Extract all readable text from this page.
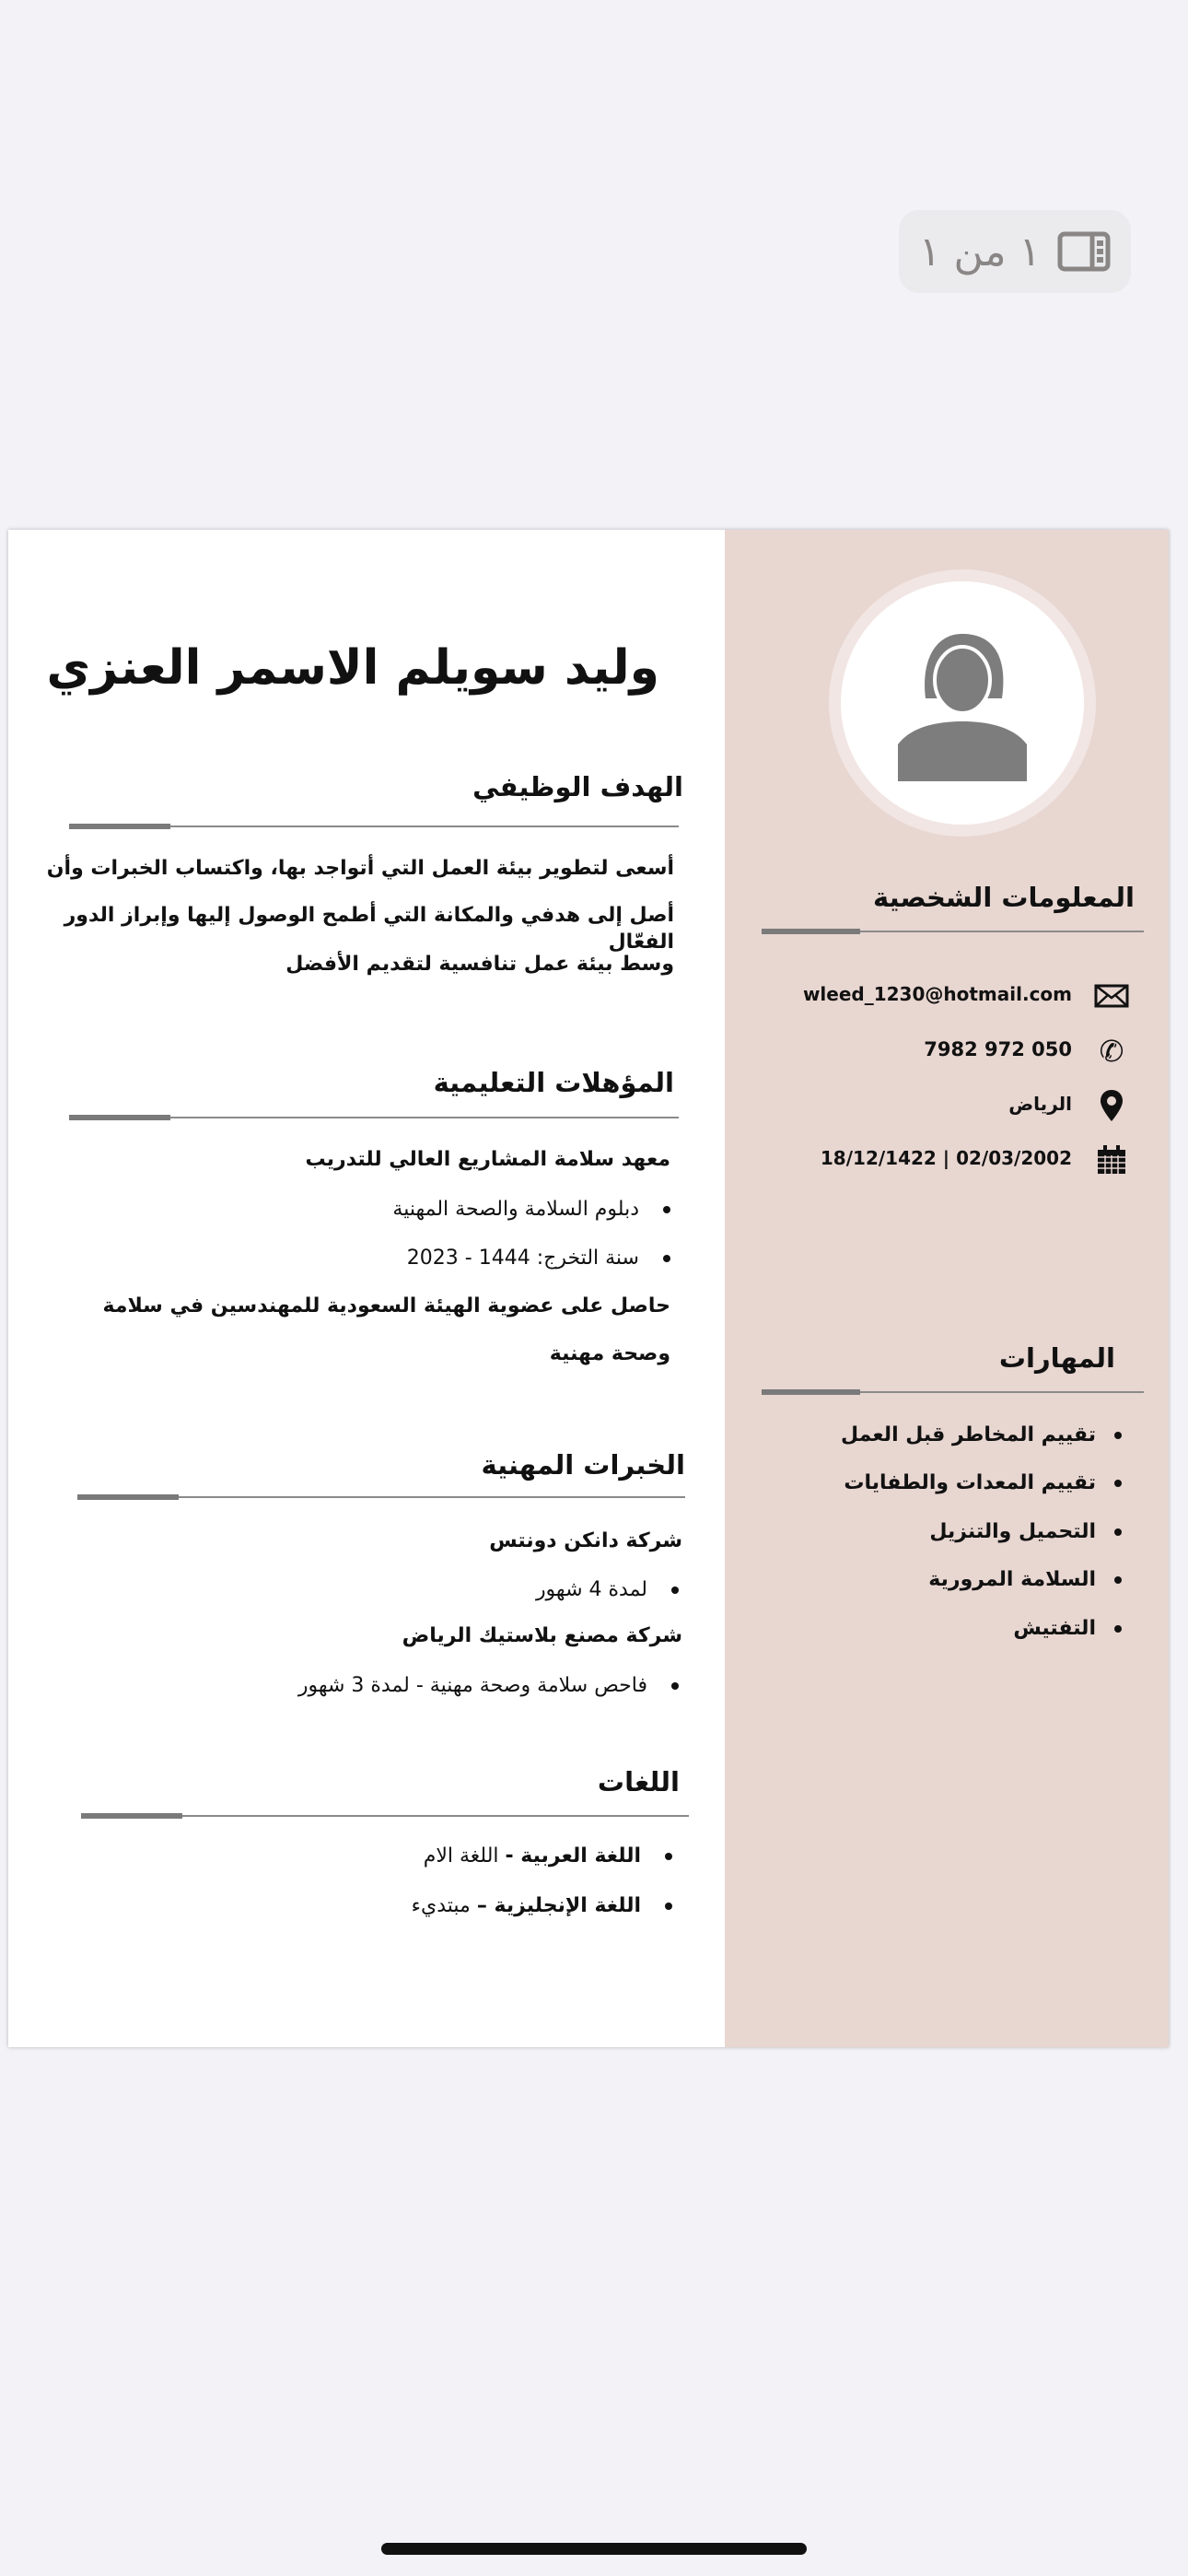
١ من ١
وليد سويلم الاسمر العنزي
الهدف الوظيفي
أسعى لتطوير بيئة العمل التي أتواجد بها، واكتساب الخبرات وأن
أصل إلى هدفي والمكانة التي أطمح الوصول إليها وإبراز الدور الفعّال
وسط بيئة عمل تنافسية لتقديم الأفضل
المؤهلات التعليمية
معهد سلامة المشاريع العالي للتدريب
دبلوم السلامة والصحة المهنية
سنة التخرج: 1444 - 2023
حاصل على عضوية الهيئة السعودية للمهندسين في سلامة
وصحة مهنية
الخبرات المهنية
شركة دانكن دونتس
لمدة 4 شهور
شركة مصنع بلاستيك الرياض
فاحص سلامة وصحة مهنية - لمدة 3 شهور
اللغات
اللغة العربية - اللغة الام
اللغة الإنجليزية – مبتديء
المعلومات الشخصية
wleed_1230@hotmail.com
050 972 7982 ✆
الرياض
02/03/2002 | 18/12/1422
المهارات
تقييم المخاطر قبل العمل
تقييم المعدات والطفايات
التحميل والتنزيل
السلامة المرورية
التفتيش
